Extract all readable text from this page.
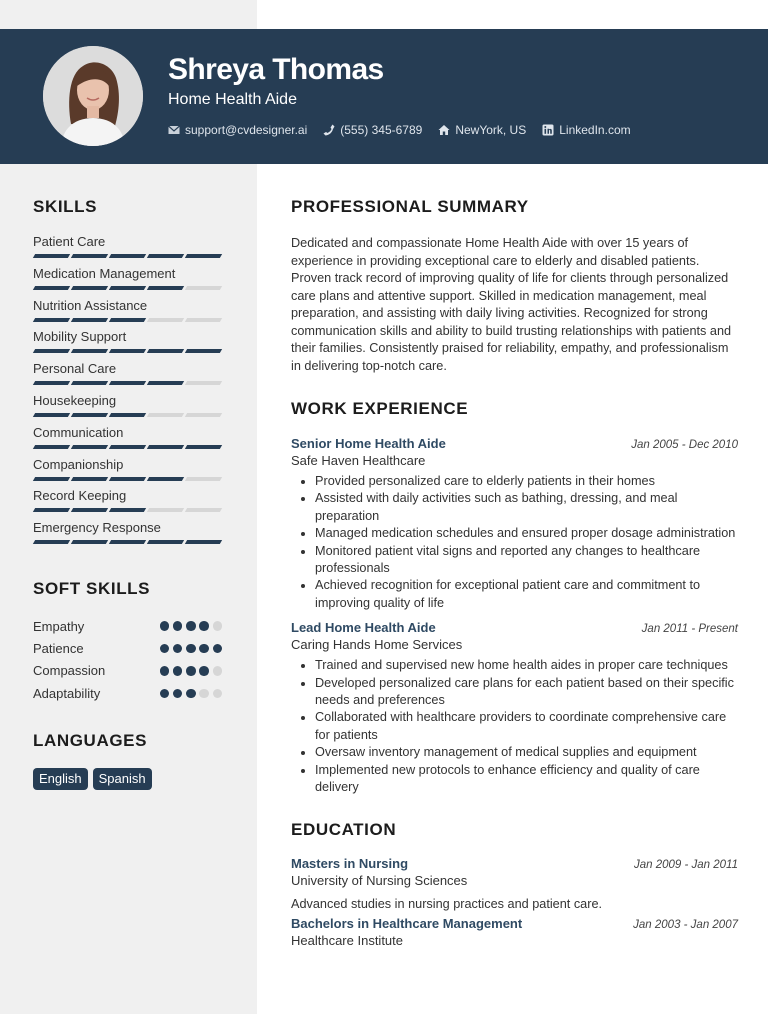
Shreya Thomas
Home Health Aide
support@cvdesigner.ai	(555) 345-6789	NewYork, US	LinkedIn.com
SKILLS
Patient Care
Medication Management
Nutrition Assistance
Mobility Support
Personal Care
Housekeeping
Communication
Companionship
Record Keeping
Emergency Response
SOFT SKILLS
Empathy
Patience
Compassion
Adaptability
LANGUAGES
English	Spanish
PROFESSIONAL SUMMARY
Dedicated and compassionate Home Health Aide with over 15 years of experience in providing exceptional care to elderly and disabled patients. Proven track record of improving quality of life for clients through personalized care plans and attentive support. Skilled in medication management, meal preparation, and assisting with daily living activities. Recognized for strong communication skills and ability to build trusting relationships with patients and their families. Consistently praised for reliability, empathy, and professionalism in delivering top-notch care.
WORK EXPERIENCE
Senior Home Health Aide	Jan 2005 - Dec 2010
Safe Haven Healthcare
• Provided personalized care to elderly patients in their homes
• Assisted with daily activities such as bathing, dressing, and meal preparation
• Managed medication schedules and ensured proper dosage administration
• Monitored patient vital signs and reported any changes to healthcare professionals
• Achieved recognition for exceptional patient care and commitment to improving quality of life
Lead Home Health Aide	Jan 2011 - Present
Caring Hands Home Services
• Trained and supervised new home health aides in proper care techniques
• Developed personalized care plans for each patient based on their specific needs and preferences
• Collaborated with healthcare providers to coordinate comprehensive care for patients
• Oversaw inventory management of medical supplies and equipment
• Implemented new protocols to enhance efficiency and quality of care delivery
EDUCATION
Masters in Nursing	Jan 2009 - Jan 2011
University of Nursing Sciences
Advanced studies in nursing practices and patient care.
Bachelors in Healthcare Management	Jan 2003 - Jan 2007
Healthcare Institute
